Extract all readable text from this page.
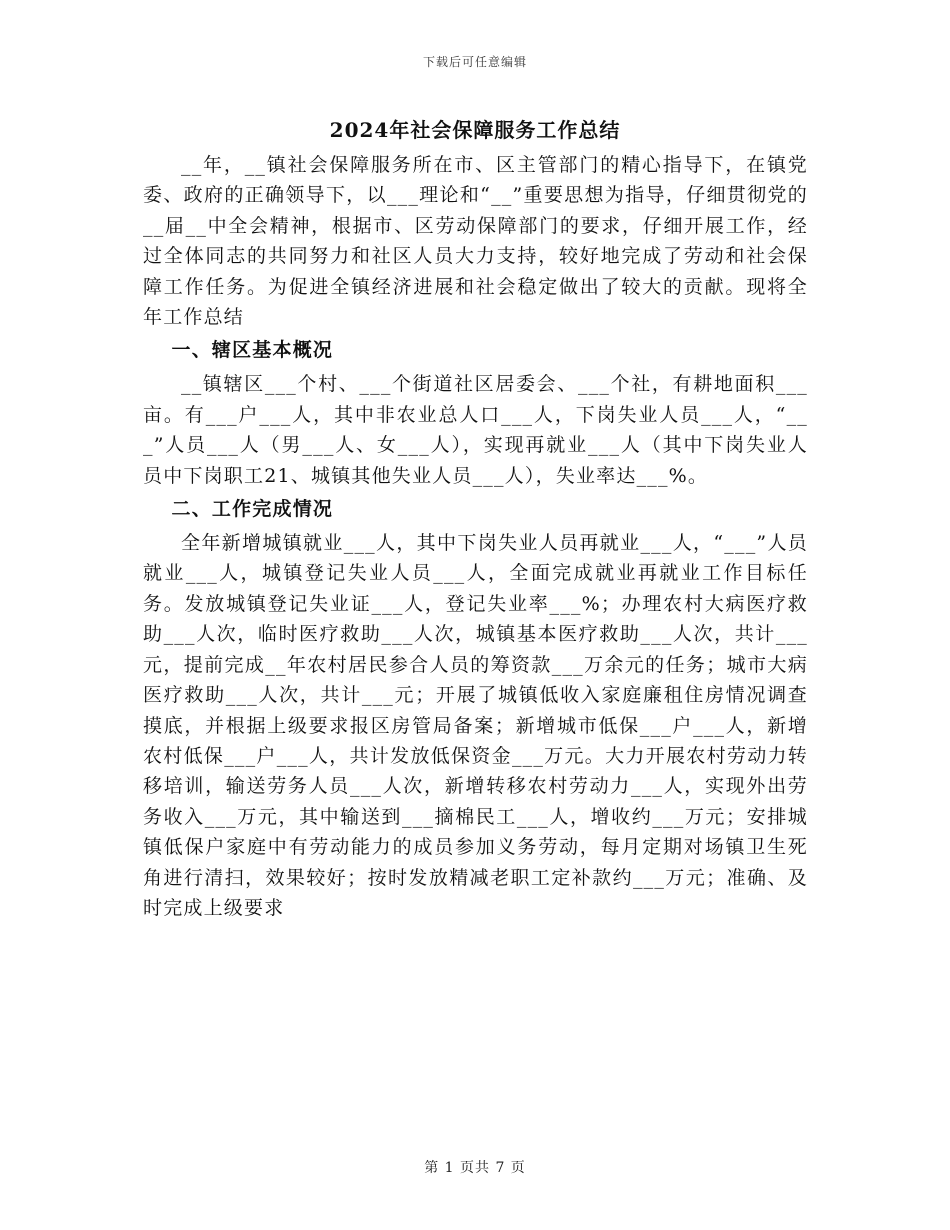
下载后可任意编辑
2024年社会保障服务工作总结

__年，__镇社会保障服务所在市、区主管部门的精心指导下，在镇党委、政府的正确领导下，以___理论和“__”重要思想为指导，仔细贯彻党的__届__中全会精神，根据市、区劳动保障部门的要求，仔细开展工作，经过全体同志的共同努力和社区人员大力支持，较好地完成了劳动和社会保障工作任务。为促进全镇经济进展和社会稳定做出了较大的贡献。现将全年工作总结

一、辖区基本概况

__镇辖区___个村、___个街道社区居委会、___个社，有耕地面积___亩。有___户___人，其中非农业总人口___人，下岗失业人员___人，“___”人员___人（男___人、女___人），实现再就业___人（其中下岗失业人员中下岗职工21、城镇其他失业人员___人），失业率达___%。

二、工作完成情况

全年新增城镇就业___人，其中下岗失业人员再就业___人，“___”人员就业___人，城镇登记失业人员___人，全面完成就业再就业工作目标任务。发放城镇登记失业证___人，登记失业率___%；办理农村大病医疗救助___人次，临时医疗救助___人次，城镇基本医疗救助___人次，共计___元，提前完成__年农村居民参合人员的筹资款___万余元的任务；城市大病医疗救助___人次，共计___元；开展了城镇低收入家庭廉租住房情况调查摸底，并根据上级要求报区房管局备案；新增城市低保___户___人，新增农村低保___户___人，共计发放低保资金___万元。大力开展农村劳动力转移培训，输送劳务人员___人次，新增转移农村劳动力___人，实现外出劳务收入___万元，其中输送到___摘棉民工___人，增收约___万元；安排城镇低保户家庭中有劳动能力的成员参加义务劳动，每月定期对场镇卫生死角进行清扫，效果较好；按时发放精减老职工定补款约___万元；准确、及时完成上级要求

第 1 页共 7 页
